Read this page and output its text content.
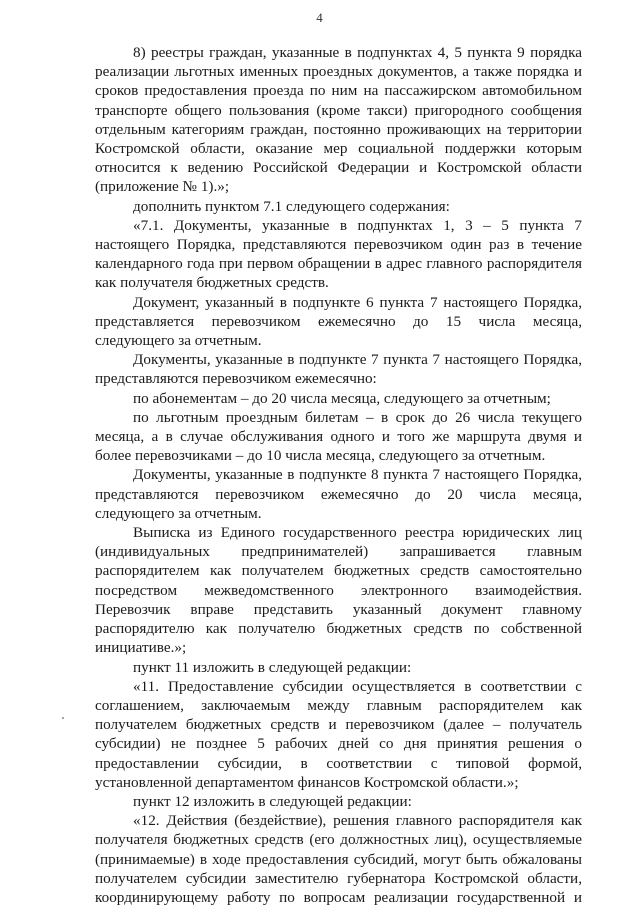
4

8) реестры граждан, указанные в подпунктах 4, 5 пункта 9 порядка реализации льготных именных проездных документов, а также порядка и сроков предоставления проезда по ним на пассажирском автомобильном транспорте общего пользования (кроме такси) пригородного сообщения отдельным категориям граждан, постоянно проживающих на территории Костромской области, оказание мер социальной поддержки которым относится к ведению Российской Федерации и Костромской области (приложение № 1).»;

дополнить пунктом 7.1 следующего содержания:

«7.1. Документы, указанные в подпунктах 1, 3 – 5 пункта 7 настоящего Порядка, представляются перевозчиком один раз в течение календарного года при первом обращении в адрес главного распорядителя как получателя бюджетных средств.

Документ, указанный в подпункте 6 пункта 7 настоящего Порядка, представляется перевозчиком ежемесячно до 15 числа месяца, следующего за отчетным.

Документы, указанные в подпункте 7 пункта 7 настоящего Порядка, представляются перевозчиком ежемесячно:

по абонементам – до 20 числа месяца, следующего за отчетным;

по льготным проездным билетам – в срок до 26 числа текущего месяца, а в случае обслуживания одного и того же маршрута двумя и более перевозчиками – до 10 числа месяца, следующего за отчетным.

Документы, указанные в подпункте 8 пункта 7 настоящего Порядка, представляются перевозчиком ежемесячно до 20 числа месяца, следующего за отчетным.

Выписка из Единого государственного реестра юридических лиц (индивидуальных предпринимателей) запрашивается главным распорядителем как получателем бюджетных средств самостоятельно посредством межведомственного электронного взаимодействия. Перевозчик вправе представить указанный документ главному распорядителю как получателю бюджетных средств по собственной инициативе.»;

пункт 11 изложить в следующей редакции:

«11. Предоставление субсидии осуществляется в соответствии с соглашением, заключаемым между главным распорядителем как получателем бюджетных средств и перевозчиком (далее – получатель субсидии) не позднее 5 рабочих дней со дня принятия решения о предоставлении субсидии, в соответствии с типовой формой, установленной департаментом финансов Костромской области.»;

пункт 12 изложить в следующей редакции:

«12. Действия (бездействие), решения главного распорядителя как получателя бюджетных средств (его должностных лиц), осуществляемые (принимаемые) в ходе предоставления субсидий, могут быть обжалованы получателем субсидии заместителю губернатора Костромской области, координирующему работу по вопросам реализации государственной и
